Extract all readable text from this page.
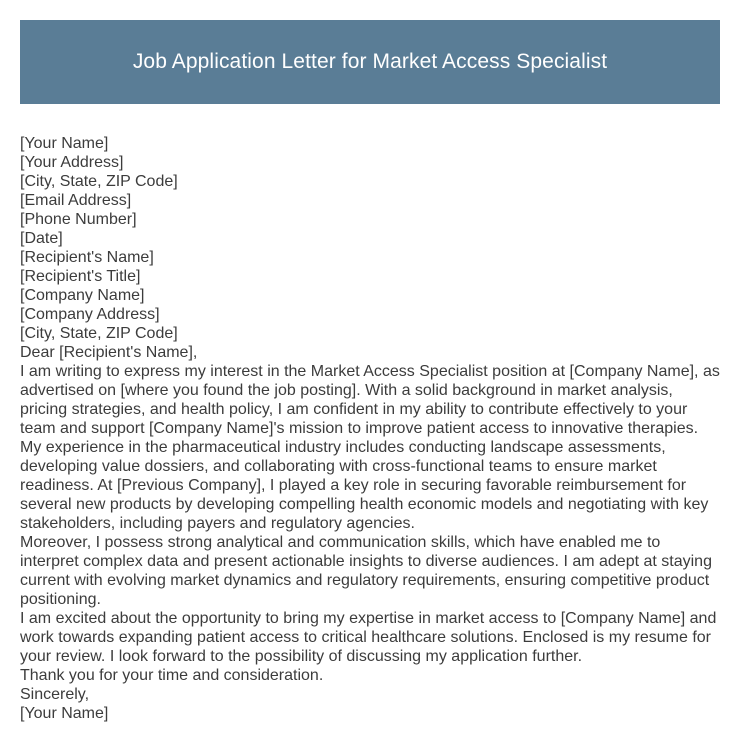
Job Application Letter for Market Access Specialist
[Your Name]
[Your Address]
[City, State, ZIP Code]
[Email Address]
[Phone Number]
[Date]
[Recipient's Name]
[Recipient's Title]
[Company Name]
[Company Address]
[City, State, ZIP Code]
Dear [Recipient's Name],
I am writing to express my interest in the Market Access Specialist position at [Company Name], as advertised on [where you found the job posting]. With a solid background in market analysis, pricing strategies, and health policy, I am confident in my ability to contribute effectively to your team and support [Company Name]'s mission to improve patient access to innovative therapies.
My experience in the pharmaceutical industry includes conducting landscape assessments, developing value dossiers, and collaborating with cross-functional teams to ensure market readiness. At [Previous Company], I played a key role in securing favorable reimbursement for several new products by developing compelling health economic models and negotiating with key stakeholders, including payers and regulatory agencies.
Moreover, I possess strong analytical and communication skills, which have enabled me to interpret complex data and present actionable insights to diverse audiences. I am adept at staying current with evolving market dynamics and regulatory requirements, ensuring competitive product positioning.
I am excited about the opportunity to bring my expertise in market access to [Company Name] and work towards expanding patient access to critical healthcare solutions. Enclosed is my resume for your review. I look forward to the possibility of discussing my application further.
Thank you for your time and consideration.
Sincerely,
[Your Name]
